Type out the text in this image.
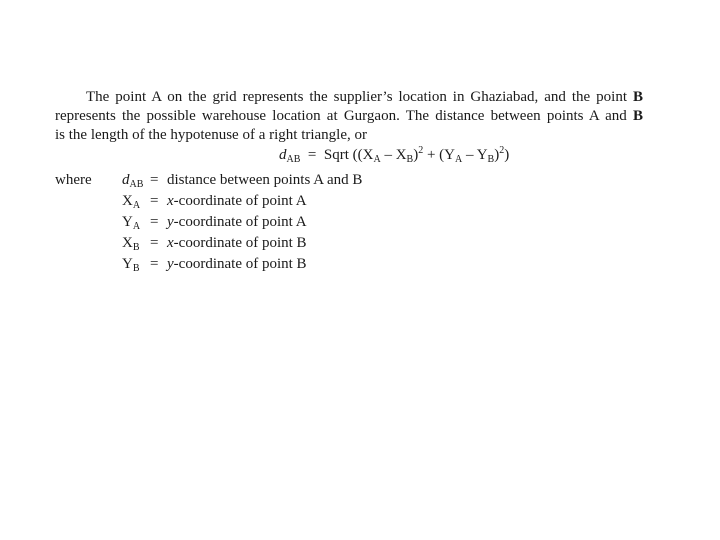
The point A on the grid represents the supplier’s location in Ghaziabad, and the point B
represents the possible warehouse location at Gurgaon. The distance between points A and B
is the length of the hypotenuse of a right triangle, or

$d_{AB}$ = Sqrt $((X_A - X_B)^2 + (Y_A - Y_B)^2)$
where $d_{AB}$ = distance between points A and B
$X_A$ = x-coordinate of point A
$Y_A$ = y-coordinate of point A
$X_B$ = x-coordinate of point B
$Y_B$ = y-coordinate of point B
